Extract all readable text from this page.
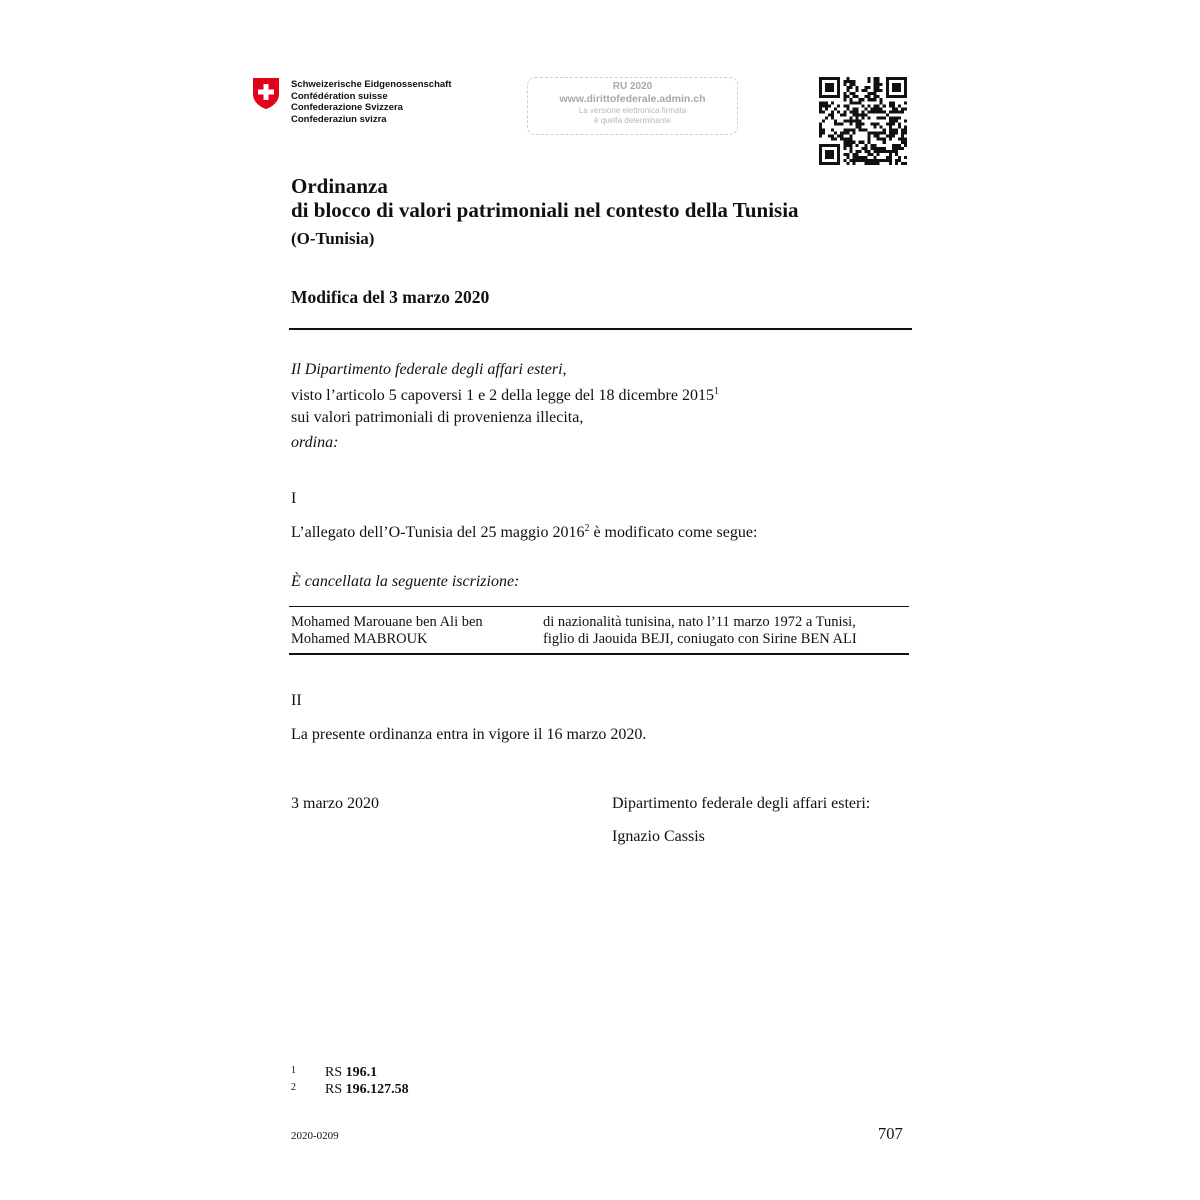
Schweizerische Eidgenossenschaft
Confédération suisse
Confederazione Svizzera
Confederaziun svizra
RU 2020
www.dirittofederale.admin.ch
La versione elettronica firmata
è quella determinante
Ordinanza
di blocco di valori patrimoniali nel contesto della Tunisia
(O-Tunisia)
Modifica del 3 marzo 2020
Il Dipartimento federale degli affari esteri,
visto l’articolo 5 capoversi 1 e 2 della legge del 18 dicembre 2015$^1$
sui valori patrimoniali di provenienza illecita,
ordina:
I
L’allegato dell’O-Tunisia del 25 maggio 2016$^2$ è modificato come segue:
È cancellata la seguente iscrizione:
Mohamed Marouane ben Ali ben
Mohamed MABROUK
di nazionalità tunisina, nato l’11 marzo 1972 a Tunisi,
figlio di Jaouida BEJI, coniugato con Sirine BEN ALI
II
La presente ordinanza entra in vigore il 16 marzo 2020.
3 marzo 2020	Dipartimento federale degli affari esteri:
Ignazio Cassis
1 RS 196.1
2 RS 196.127.58
2020-0209	707
